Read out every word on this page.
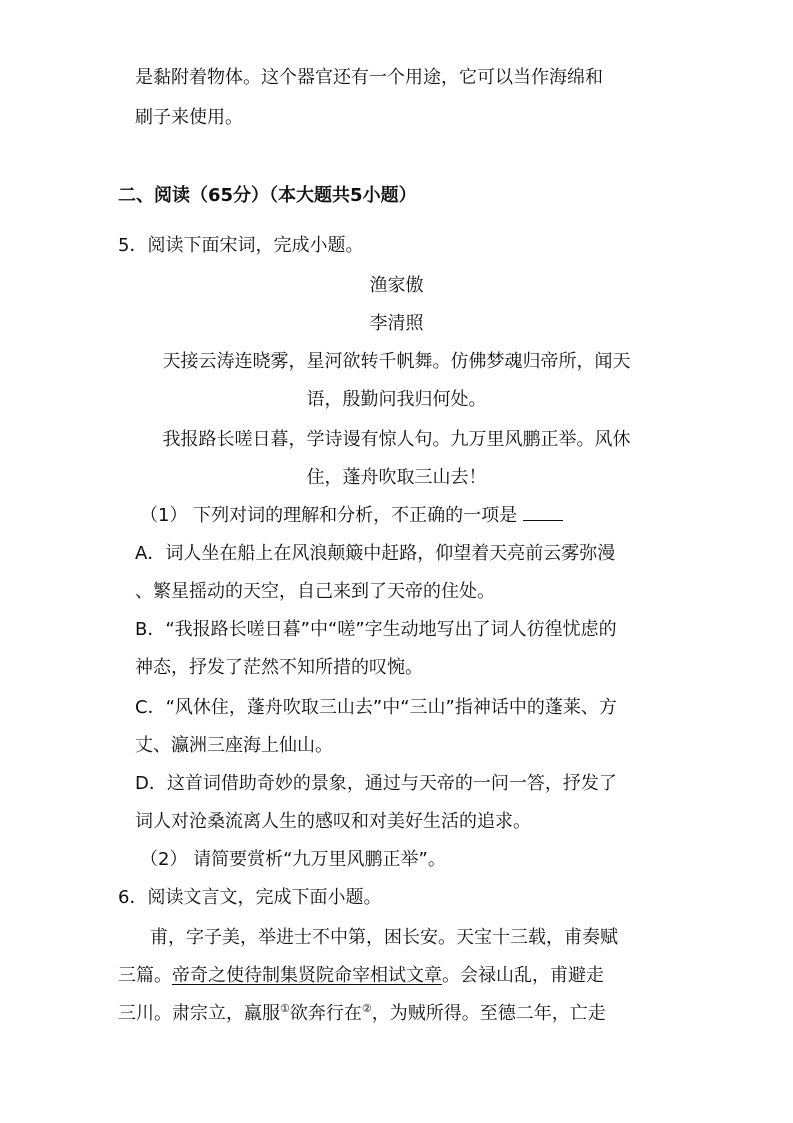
是黏附着物体。这个器官还有一个用途，它可以当作海绵和
刷子来使用。
二、阅读（65分）（本大题共5小题）
5．阅读下面宋词，完成小题。
渔家傲
李清照
天接云涛连晓雾，星河欲转千帆舞。仿佛梦魂归帝所，闻天
语，殷勤问我归何处。
我报路长嗟日暮，学诗谩有惊人句。九万里风鹏正举。风休
住，蓬舟吹取三山去！
（1） 下列对词的理解和分析，不正确的一项是
A．词人坐在船上在风浪颠簸中赶路，仰望着天亮前云雾弥漫
、繁星摇动的天空，自己来到了天帝的住处。
B．“我报路长嗟日暮”中“嗟”字生动地写出了词人彷徨忧虑的
神态，抒发了茫然不知所措的叹惋。
C．“风休住，蓬舟吹取三山去”中“三山”指神话中的蓬莱、方
丈、瀛洲三座海上仙山。
D．这首词借助奇妙的景象，通过与天帝的一问一答，抒发了
词人对沧桑流离人生的感叹和对美好生活的追求。
（2） 请简要赏析“九万里风鹏正举”。
6．阅读文言文，完成下面小题。
甫，字子美，举进士不中第，困长安。天宝十三载，甫奏赋
三篇。帝奇之使待制集贤院命宰相试文章。会禄山乱，甫避走
三川。肃宗立，羸服①欲奔行在②，为贼所得。至德二年，亡走
